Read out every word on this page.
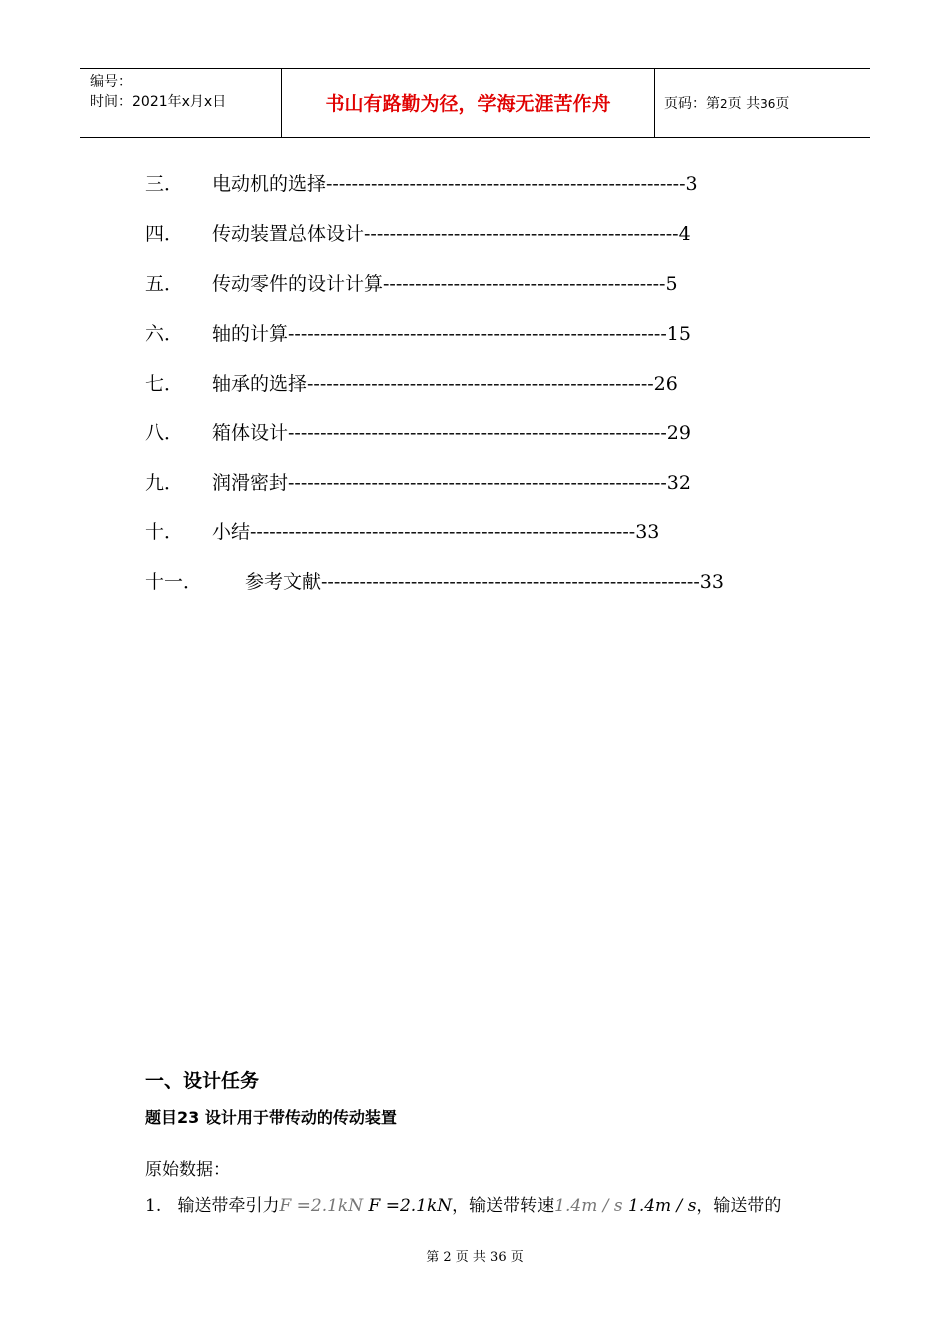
编号：
时间：2021年x月x日	书山有路勤为径，学海无涯苦作舟	页码：第2页 共36页
三． 电动机的选择--------------------------------------------------------3
四． 传动装置总体设计-------------------------------------------------4
五． 传动零件的设计计算--------------------------------------------5
六． 轴的计算-----------------------------------------------------------15
七． 轴承的选择------------------------------------------------------26
八． 箱体设计-----------------------------------------------------------29
九． 润滑密封-----------------------------------------------------------32
十． 小结------------------------------------------------------------33
十一． 参考文献-----------------------------------------------------------33
一、设计任务
题目23 设计用于带传动的传动装置
原始数据：
1. 输送带牵引力F =2.1kN F =2.1kN，输送带转速1.4m / s 1.4m / s，输送带的
第 2 页 共 36 页
